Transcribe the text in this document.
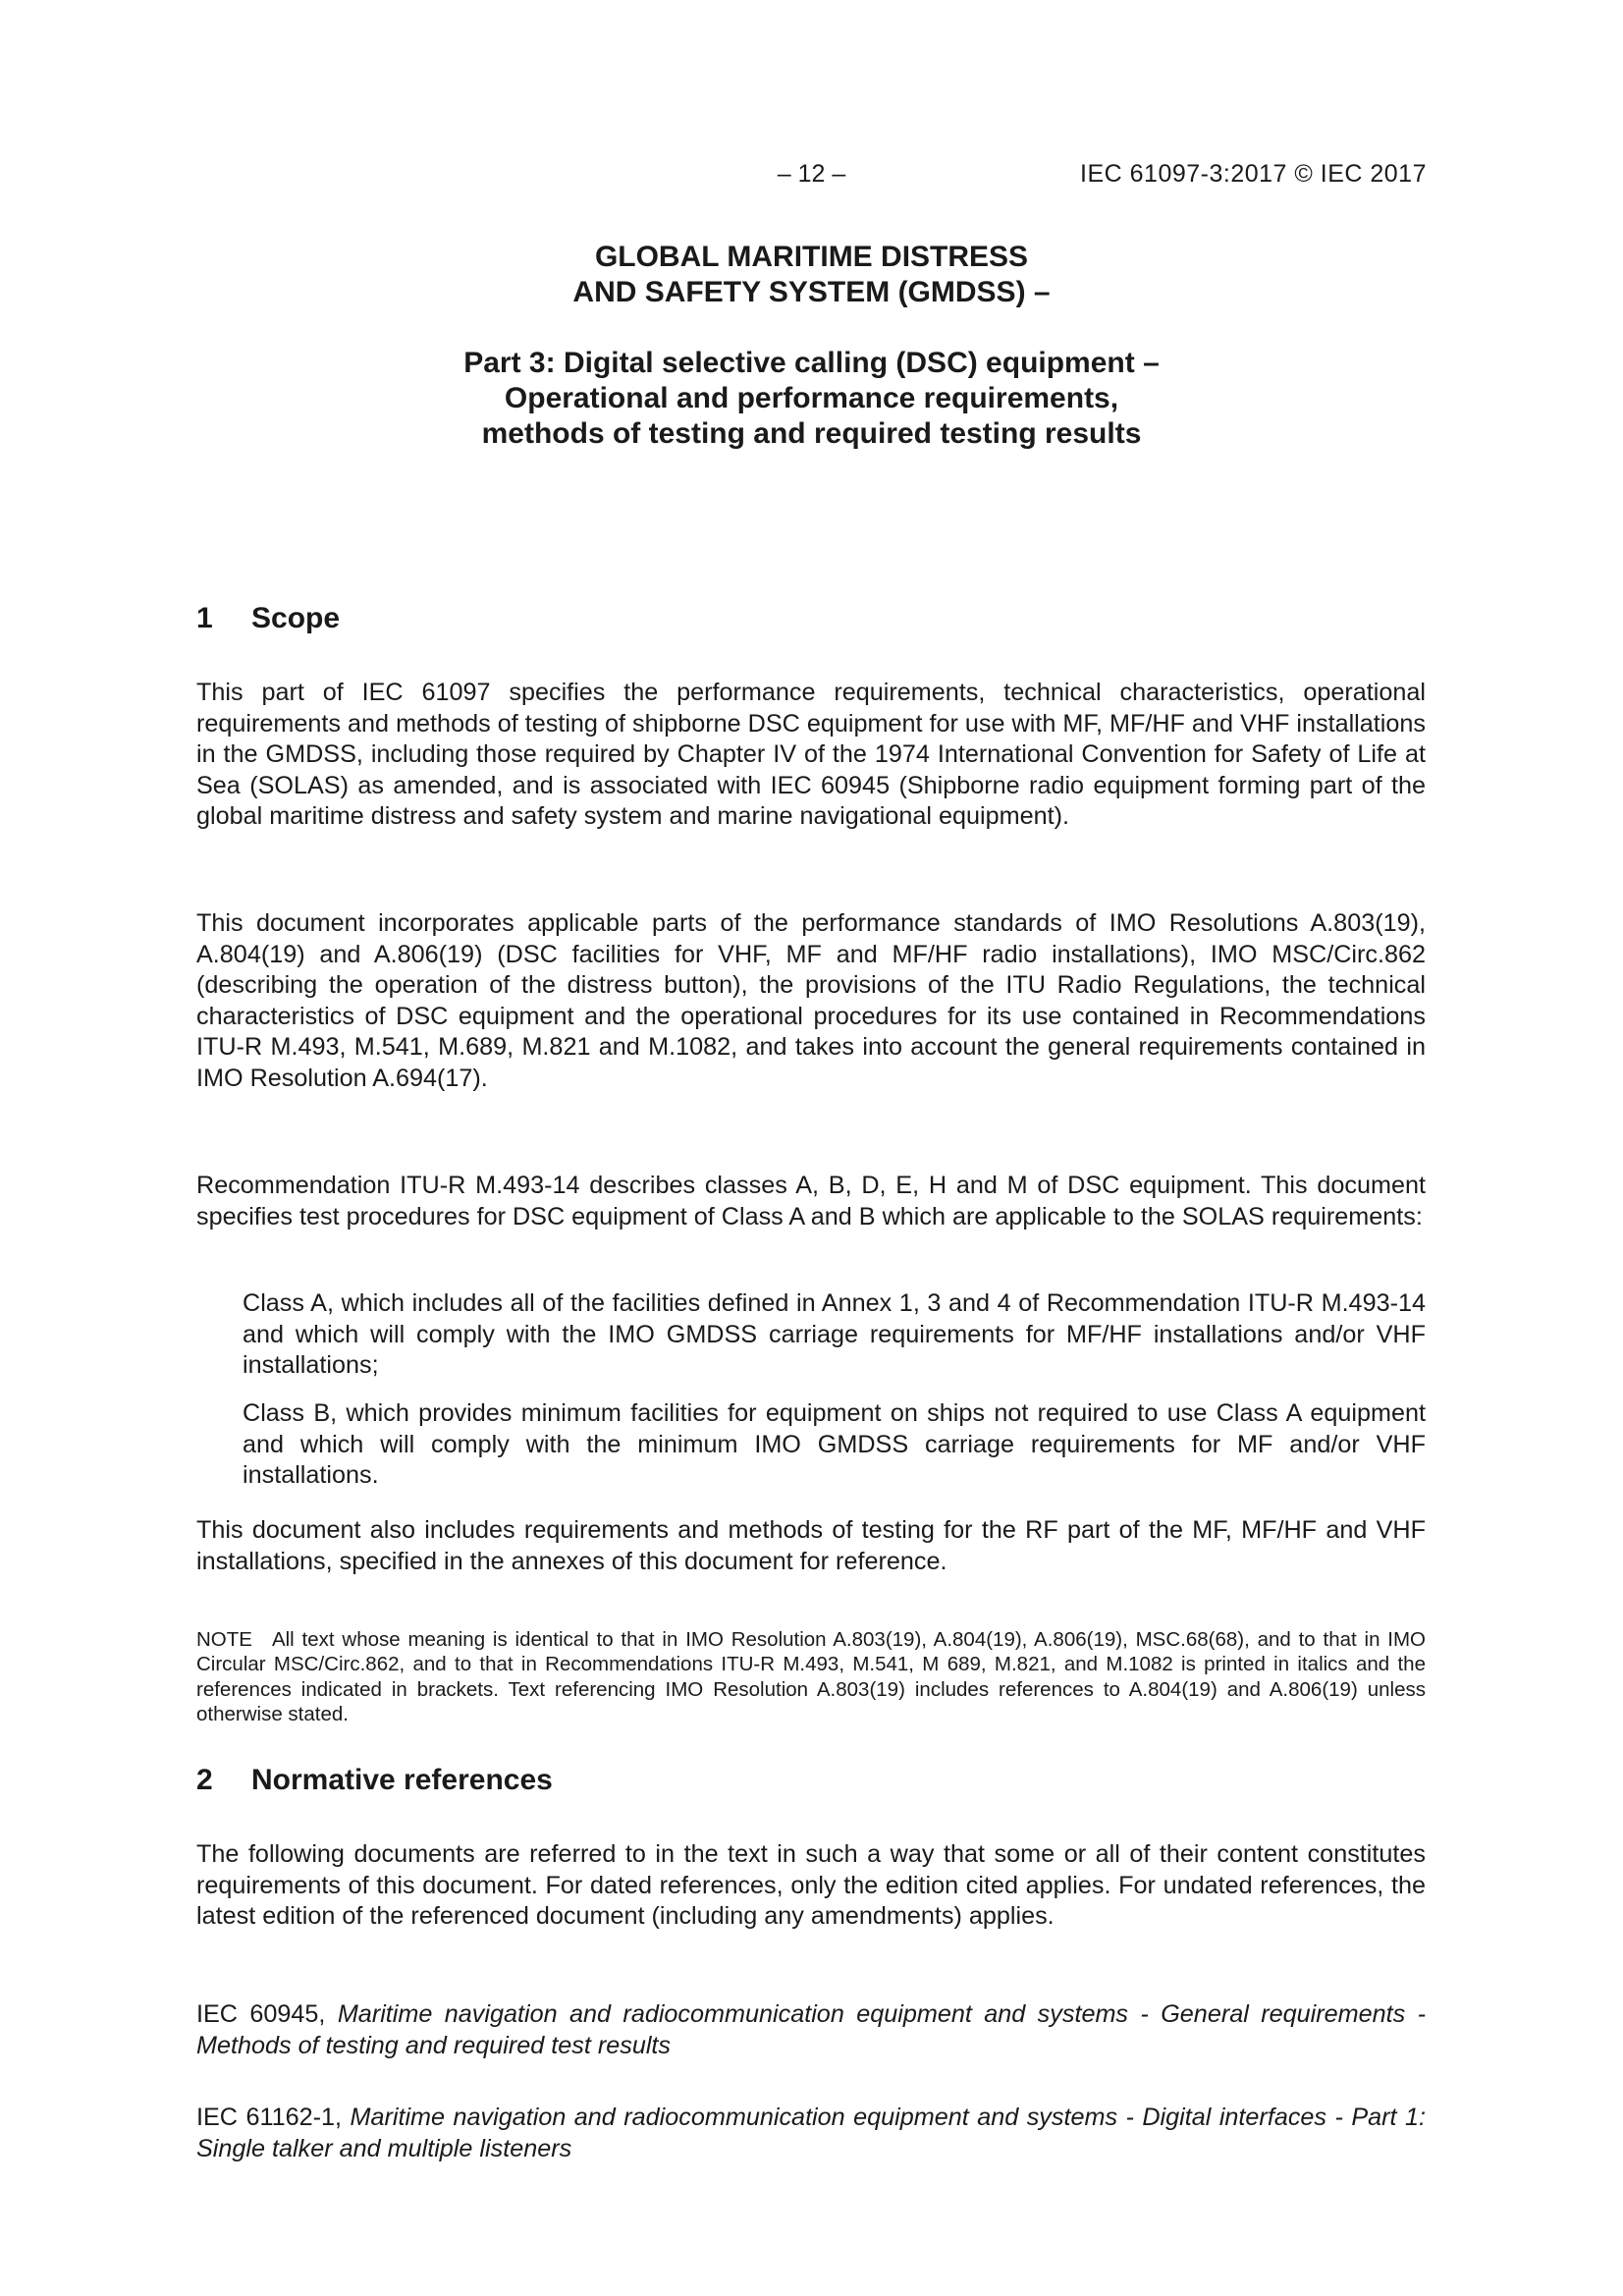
– 12 –	IEC 61097-3:2017 © IEC 2017
GLOBAL MARITIME DISTRESS
AND SAFETY SYSTEM (GMDSS) –
Part 3: Digital selective calling (DSC) equipment –
Operational and performance requirements,
methods of testing and required testing results
1 Scope
This part of IEC 61097 specifies the performance requirements, technical characteristics, operational requirements and methods of testing of shipborne DSC equipment for use with MF, MF/HF and VHF installations in the GMDSS, including those required by Chapter IV of the 1974 International Convention for Safety of Life at Sea (SOLAS) as amended, and is associated with IEC 60945 (Shipborne radio equipment forming part of the global maritime distress and safety system and marine navigational equipment).
This document incorporates applicable parts of the performance standards of IMO Resolutions A.803(19), A.804(19) and A.806(19) (DSC facilities for VHF, MF and MF/HF radio installations), IMO MSC/Circ.862 (describing the operation of the distress button), the provisions of the ITU Radio Regulations, the technical characteristics of DSC equipment and the operational procedures for its use contained in Recommendations ITU-R M.493, M.541, M.689, M.821 and M.1082, and takes into account the general requirements contained in IMO Resolution A.694(17).
Recommendation ITU-R M.493-14 describes classes A, B, D, E, H and M of DSC equipment. This document specifies test procedures for DSC equipment of Class A and B which are applicable to the SOLAS requirements:
Class A, which includes all of the facilities defined in Annex 1, 3 and 4 of Recommendation ITU-R M.493-14 and which will comply with the IMO GMDSS carriage requirements for MF/HF installations and/or VHF installations;
Class B, which provides minimum facilities for equipment on ships not required to use Class A equipment and which will comply with the minimum IMO GMDSS carriage requirements for MF and/or VHF installations.
This document also includes requirements and methods of testing for the RF part of the MF, MF/HF and VHF installations, specified in the annexes of this document for reference.
NOTE All text whose meaning is identical to that in IMO Resolution A.803(19), A.804(19), A.806(19), MSC.68(68), and to that in IMO Circular MSC/Circ.862, and to that in Recommendations ITU-R M.493, M.541, M 689, M.821, and M.1082 is printed in italics and the references indicated in brackets. Text referencing IMO Resolution A.803(19) includes references to A.804(19) and A.806(19) unless otherwise stated.
2 Normative references
The following documents are referred to in the text in such a way that some or all of their content constitutes requirements of this document. For dated references, only the edition cited applies. For undated references, the latest edition of the referenced document (including any amendments) applies.
IEC 60945, Maritime navigation and radiocommunication equipment and systems - General requirements - Methods of testing and required test results
IEC 61162-1, Maritime navigation and radiocommunication equipment and systems - Digital interfaces - Part 1: Single talker and multiple listeners
